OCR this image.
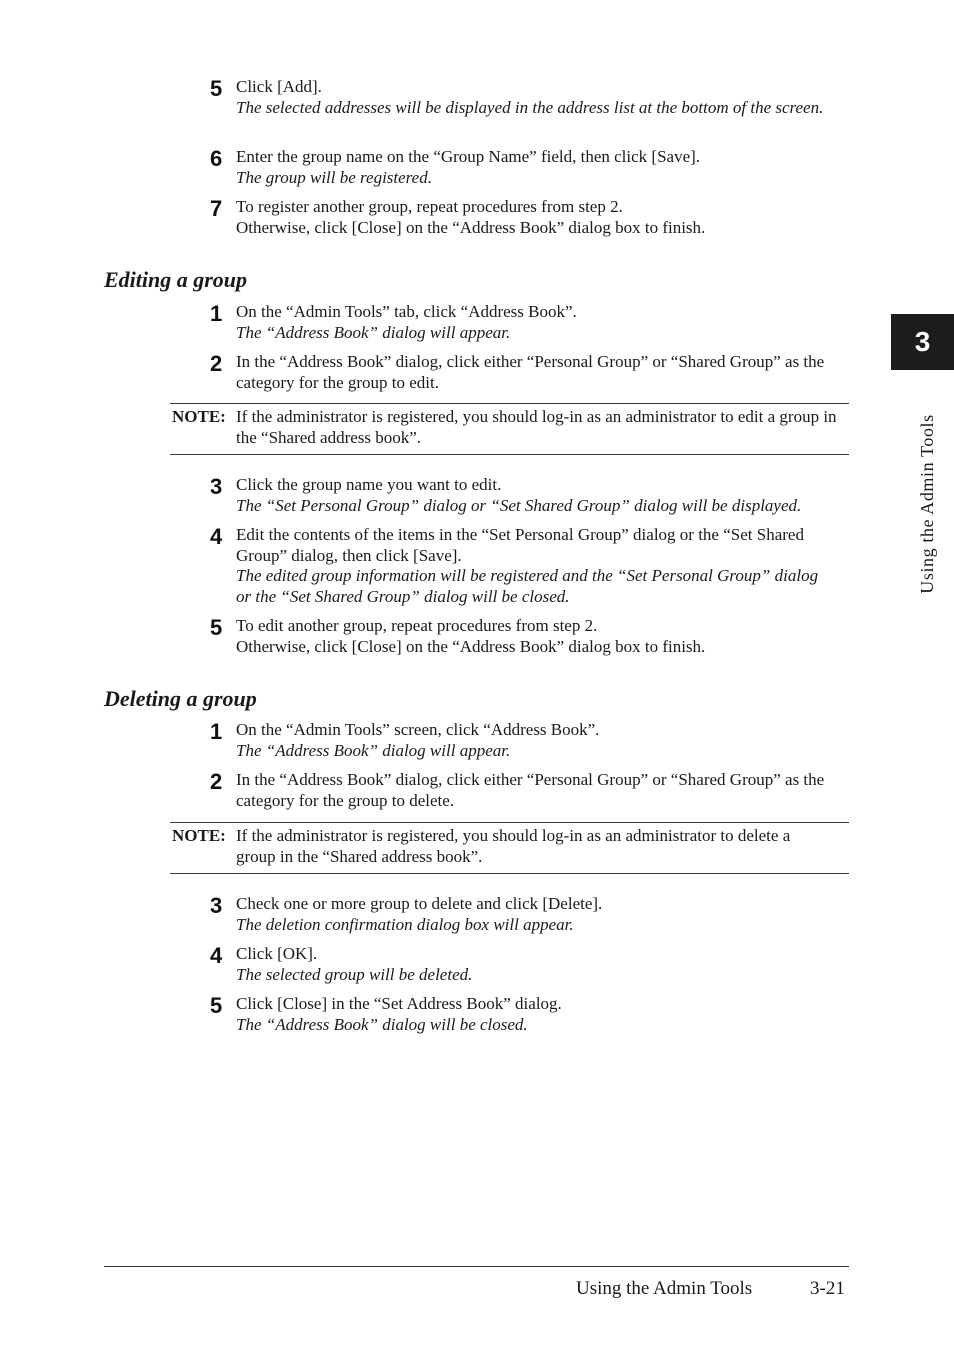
5 Click [Add].
The selected addresses will be displayed in the address list at the bottom of the screen.
6 Enter the group name on the “Group Name” field, then click [Save].
The group will be registered.
7 To register another group, repeat procedures from step 2.
Otherwise, click [Close] on the “Address Book” dialog box to finish.
Editing a group
1 On the “Admin Tools” tab, click “Address Book”.
The “Address Book” dialog will appear.
2 In the “Address Book” dialog, click either “Personal Group” or “Shared Group” as the category for the group to edit.
NOTE: If the administrator is registered, you should log-in as an administrator to edit a group in the “Shared address book”.
3 Click the group name you want to edit.
The “Set Personal Group” dialog or “Set Shared Group” dialog will be displayed.
4 Edit the contents of the items in the “Set Personal Group” dialog or the “Set Shared Group” dialog, then click [Save].
The edited group information will be registered and the “Set Personal Group” dialog or the “Set Shared Group” dialog will be closed.
5 To edit another group, repeat procedures from step 2.
Otherwise, click [Close] on the “Address Book” dialog box to finish.
Deleting a group
1 On the “Admin Tools” screen, click “Address Book”.
The “Address Book” dialog will appear.
2 In the “Address Book” dialog, click either “Personal Group” or “Shared Group” as the category for the group to delete.
NOTE: If the administrator is registered, you should log-in as an administrator to delete a group in the “Shared address book”.
3 Check one or more group to delete and click [Delete].
The deletion confirmation dialog box will appear.
4 Click [OK].
The selected group will be deleted.
5 Click [Close] in the “Set Address Book” dialog.
The “Address Book” dialog will be closed.
3
Using the Admin Tools
Using the Admin Tools	3-21
